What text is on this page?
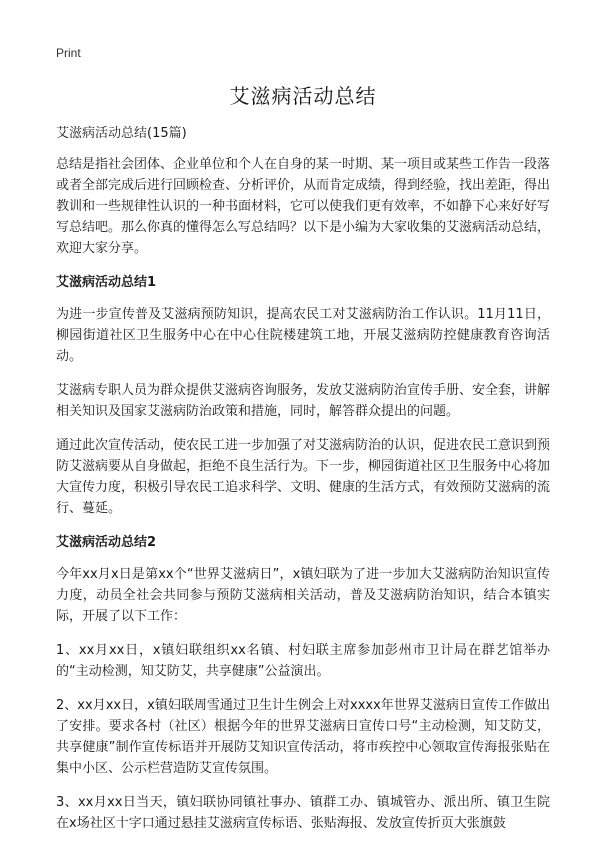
Print
艾滋病活动总结

艾滋病活动总结(15篇)

总结是指社会团体、企业单位和个人在自身的某一时期、某一项目或某些工作告一段落或者全部完成后进行回顾检查、分析评价，从而肯定成绩，得到经验，找出差距，得出教训和一些规律性认识的一种书面材料，它可以使我们更有效率，不如静下心来好好写写总结吧。那么你真的懂得怎么写总结吗？以下是小编为大家收集的艾滋病活动总结，欢迎大家分享。

艾滋病活动总结1

为进一步宣传普及艾滋病预防知识，提高农民工对艾滋病防治工作认识。11月11日，柳园街道社区卫生服务中心在中心住院楼建筑工地，开展艾滋病防控健康教育咨询活动。

艾滋病专职人员为群众提供艾滋病咨询服务，发放艾滋病防治宣传手册、安全套，讲解相关知识及国家艾滋病防治政策和措施，同时，解答群众提出的问题。

通过此次宣传活动，使农民工进一步加强了对艾滋病防治的认识，促进农民工意识到预防艾滋病要从自身做起，拒绝不良生活行为。下一步，柳园街道社区卫生服务中心将加大宣传力度，积极引导农民工追求科学、文明、健康的生活方式，有效预防艾滋病的流行、蔓延。

艾滋病活动总结2

今年xx月x日是第xx个“世界艾滋病日”，x镇妇联为了进一步加大艾滋病防治知识宣传力度，动员全社会共同参与预防艾滋病相关活动，普及艾滋病防治知识，结合本镇实际，开展了以下工作：

1、xx月xx日，x镇妇联组织xx名镇、村妇联主席参加彭州市卫计局在群艺馆举办的“主动检测，知艾防艾，共享健康”公益演出。

2、xx月xx日，x镇妇联周雪通过卫生计生例会上对xxxx年世界艾滋病日宣传工作做出了安排。要求各村（社区）根据今年的世界艾滋病日宣传口号“主动检测，知艾防艾，共享健康”制作宣传标语并开展防艾知识宣传活动，将市疾控中心领取宣传海报张贴在集中小区、公示栏营造防艾宣传氛围。

3、xx月xx日当天，镇妇联协同镇社事办、镇群工办、镇城管办、派出所、镇卫生院在x场社区十字口通过悬挂艾滋病宣传标语、张贴海报、发放宣传折页大张旗鼓
